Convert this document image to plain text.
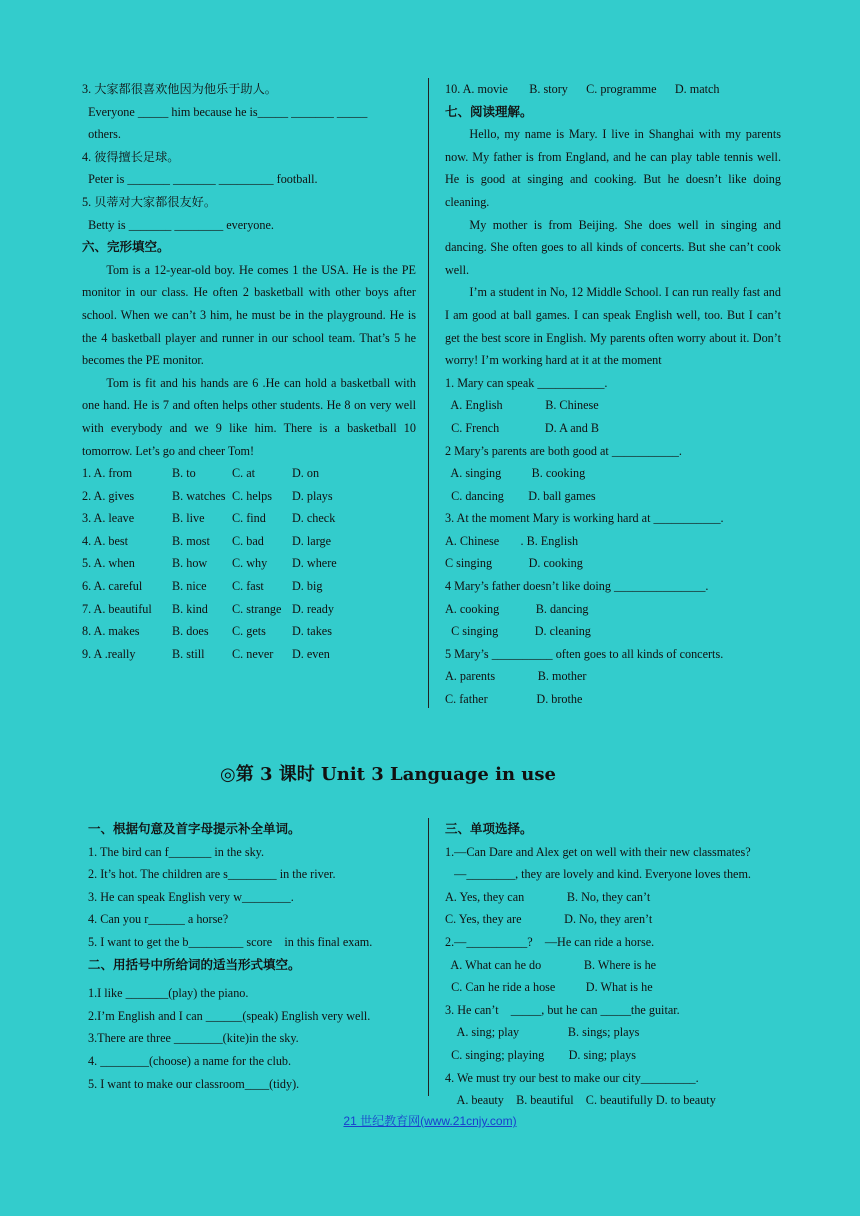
3. 大家都很喜欢他因为他乐于助人。
Everyone _____ him because he is_____ _______ _____
others.
4. 彼得擅长足球。
Peter is _______ _______ _________ football.
5. 贝蒂对大家都很友好。
Betty is _______ ________ everyone.
六、完形填空。
Tom is a 12-year-old boy. He comes 1 the USA. He is the PE monitor in our class. He often 2 basketball with other boys after school. When we can’t 3 him, he must be in the playground. He is the 4 basketball player and runner in our school team. That’s 5 he becomes the PE monitor.
Tom is fit and his hands are 6 .He can hold a basketball with one hand. He is 7 and often helps other students. He 8 on very well with everybody and we 9 like him. There is a basketball 10 tomorrow. Let’s go and cheer Tom!
1. A. from	B. to	C. at	D. on
2. A. gives	B. watches C. helps	D. plays
3. A. leave	B. live	C. find	D. check
4. A. best	B. most	C. bad	D. large
5. A. when	B. how	C. why	D. where
6. A. careful	B. nice	C. fast	D. big
7. A. beautiful	B. kind	C. strange D. ready
8. A. makes	B. does	C. gets	D. takes
9. A .really	B. still	C. never	D. even
10. A. movie       B. story      C. programme      D. match
七、阅读理解。
Hello, my name is Mary. I live in Shanghai with my parents now. My father is from England, and he can play table tennis well. He is good at singing and cooking. But he doesn’t like doing cleaning.
My mother is from Beijing. She does well in singing and dancing. She often goes to all kinds of concerts. But she can’t cook well.
I’m a student in No, 12 Middle School. I can run really fast and I am good at ball games. I can speak English well, too. But I can’t get the best score in English. My parents often worry about it. Don’t worry! I’m working hard at it at the moment
1. Mary can speak ___________.
A. English              B. Chinese
C. French               D. A and B
2 Mary’s parents are both good at ___________.
A. singing          B. cooking
C. dancing        D. ball games
3. At the moment Mary is working hard at ___________.
A. Chinese       . B. English
C singing            D. cooking
4 Mary’s father doesn’t like doing _______________.
A. cooking            B. dancing
C singing            D. cleaning
5 Mary’s __________ often goes to all kinds of concerts.
A. parents              B. mother
C. father                D. brothe
◎第 3 课时 Unit 3 Language in use
一、根据句意及首字母提示补全单词。
1. The bird can f_______ in the sky.
2. It’s hot. The children are s________ in the river.
3. He can speak English very w________.
4. Can you r______ a horse?
5. I want to get the b_________ score    in this final exam.
二、用括号中所给词的适当形式填空。
1.I like _______(play) the piano.
2.I’m English and I can ______(speak) English very well.
3.There are three ________(kite)in the sky.
4. ________(choose) a name for the club.
5. I want to make our classroom____(tidy).
三、单项选择。
1.—Can Dare and Alex get on well with their new classmates?
—________, they are lovely and kind. Everyone loves them.
A. Yes, they can              B. No, they can’t
C. Yes, they are              D. No, they aren’t
2.—__________?    —He can ride a horse.
A. What can he do              B. Where is he
C. Can he ride a hose          D. What is he
3. He can’t    _____, but he can _____the guitar.
A. sing; play                B. sings; plays
C. singing; playing        D. sing; plays
4. We must try our best to make our city_________.
A. beauty    B. beautiful    C. beautifully D. to beauty
21 世纪教育网(www.21cnjy.com)
